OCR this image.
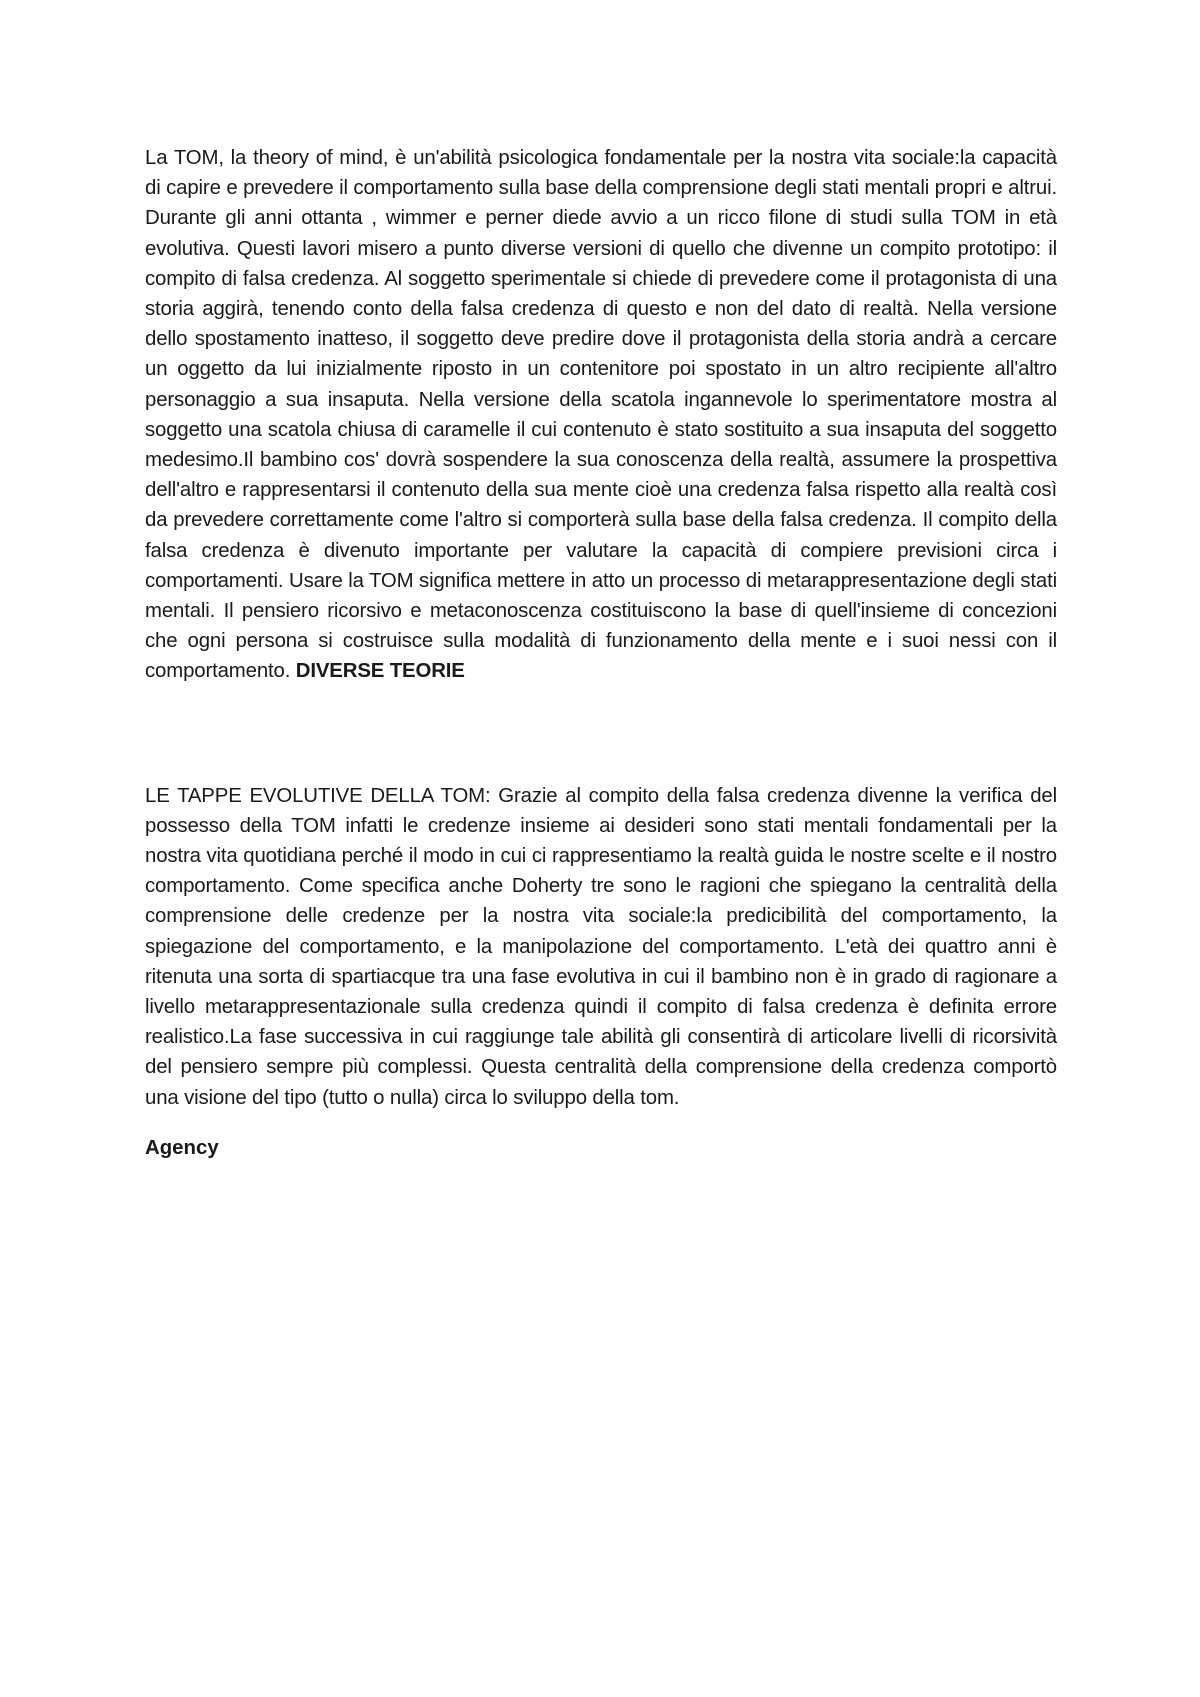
La TOM, la theory of mind, è un'abilità psicologica fondamentale per la nostra vita sociale:la capacità di capire e prevedere il comportamento sulla base della comprensione degli stati mentali propri e altrui. Durante gli anni ottanta , wimmer e perner diede avvio a un ricco filone di studi sulla TOM in età evolutiva. Questi lavori misero a punto diverse versioni di quello che divenne un compito prototipo: il compito di falsa credenza. Al soggetto sperimentale si chiede di prevedere come il protagonista di una storia aggirà, tenendo conto della falsa credenza di questo e non del dato di realtà. Nella versione dello spostamento inatteso, il soggetto deve predire dove il protagonista della storia andrà a cercare un oggetto da lui inizialmente riposto in un contenitore poi spostato in un altro recipiente all'altro personaggio a sua insaputa. Nella versione della scatola ingannevole lo sperimentatore mostra al soggetto una scatola chiusa di caramelle il cui contenuto è stato sostituito a sua insaputa del soggetto medesimo.Il bambino cos' dovrà sospendere la sua conoscenza della realtà, assumere la prospettiva dell'altro e rappresentarsi il contenuto della sua mente cioè una credenza falsa rispetto alla realtà così da prevedere correttamente come l'altro si comporterà sulla base della falsa credenza. Il compito della falsa credenza è divenuto importante per valutare la capacità di compiere previsioni circa i comportamenti. Usare la TOM significa mettere in atto un processo di metarappresentazione degli stati mentali. Il pensiero ricorsivo e metaconoscenza costituiscono la base di quell'insieme di concezioni che ogni persona si costruisce sulla modalità di funzionamento della mente e i suoi nessi con il comportamento. DIVERSE TEORIE

LE TAPPE EVOLUTIVE DELLA TOM: Grazie al compito della falsa credenza divenne la verifica del possesso della TOM infatti le credenze insieme ai desideri sono stati mentali fondamentali per la nostra vita quotidiana perché il modo in cui ci rappresentiamo la realtà guida le nostre scelte e il nostro comportamento. Come specifica anche Doherty tre sono le ragioni che spiegano la centralità della comprensione delle credenze per la nostra vita sociale:la predicibilità del comportamento, la spiegazione del comportamento, e la manipolazione del comportamento. L'età dei quattro anni è ritenuta una sorta di spartiacque tra una fase evolutiva in cui il bambino non è in grado di ragionare a livello metarappresentazionale sulla credenza quindi il compito di falsa credenza è definita errore realistico.La fase successiva in cui raggiunge tale abilità gli consentirà di articolare livelli di ricorsività del pensiero sempre più complessi. Questa centralità della comprensione della credenza comportò una visione del tipo (tutto o nulla) circa lo sviluppo della tom.

Agency
